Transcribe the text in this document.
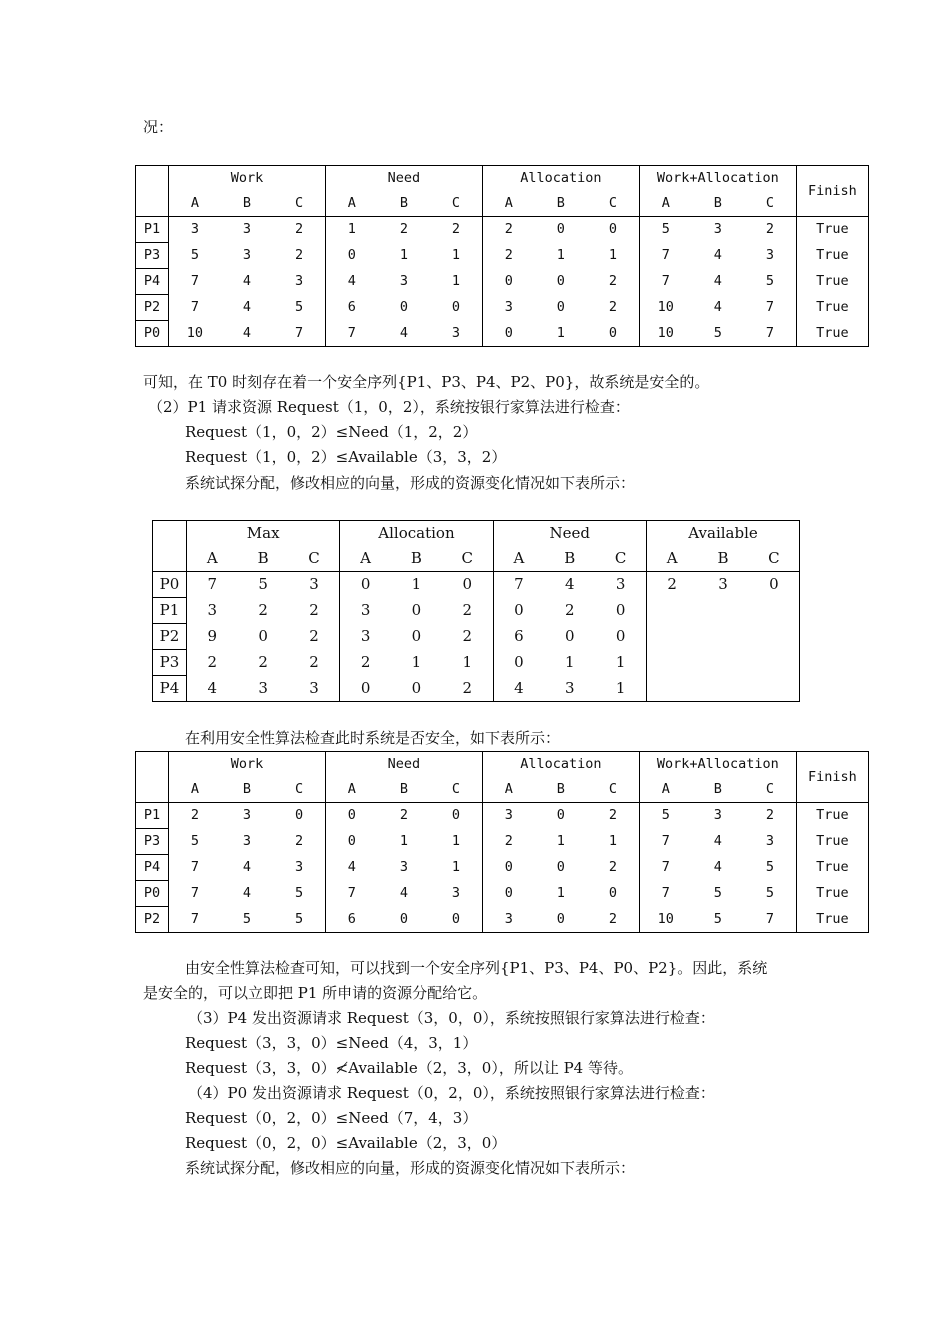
况：
	Work			Need			Allocation			Work+Allocation			Finish
	A	B	C	A	B	C	A	B	C	A	B	C	
P1	3	3	2	1	2	2	2	0	0	5	3	2	True
P3	5	3	2	0	1	1	2	1	1	7	4	3	True
P4	7	4	3	4	3	1	0	0	2	7	4	5	True
P2	7	4	5	6	0	0	3	0	2	10	4	7	True
P0	10	4	7	7	4	3	0	1	0	10	5	7	True
可知，在 T0 时刻存在着一个安全序列{P1、P3、P4、P2、P0}，故系统是安全的。
（2）P1 请求资源 Request（1，0，2），系统按银行家算法进行检查：
Request（1，0，2）≤Need（1，2，2）
Request（1，0，2）≤Available（3，3，2）
系统试探分配，修改相应的向量，形成的资源变化情况如下表所示：
	Max			Allocation			Need			Available		
	A	B	C	A	B	C	A	B	C	A	B	C
P0	7	5	3	0	1	0	7	4	3	2	3	0
P1	3	2	2	3	0	2	0	2	0			
P2	9	0	2	3	0	2	6	0	0			
P3	2	2	2	2	1	1	0	1	1			
P4	4	3	3	0	0	2	4	3	1			
在利用安全性算法检查此时系统是否安全，如下表所示：
	Work			Need			Allocation			Work+Allocation			Finish
	A	B	C	A	B	C	A	B	C	A	B	C	
P1	2	3	0	0	2	0	3	0	2	5	3	2	True
P3	5	3	2	0	1	1	2	1	1	7	4	3	True
P4	7	4	3	4	3	1	0	0	2	7	4	5	True
P0	7	4	5	7	4	3	0	1	0	7	5	5	True
P2	7	5	5	6	0	0	3	0	2	10	5	7	True
由安全性算法检查可知，可以找到一个安全序列{P1、P3、P4、P0、P2}。因此，系统
是安全的，可以立即把 P1 所申请的资源分配给它。
（3）P4 发出资源请求 Request（3，0，0），系统按照银行家算法进行检查：
Request（3，3，0）≤Need（4，3，1）
Request（3，3，0）≮Available（2，3，0），所以让 P4 等待。
（4）P0 发出资源请求 Request（0，2，0），系统按照银行家算法进行检查：
Request（0，2，0）≤Need（7，4，3）
Request（0，2，0）≤Available（2，3，0）
系统试探分配，修改相应的向量，形成的资源变化情况如下表所示：
